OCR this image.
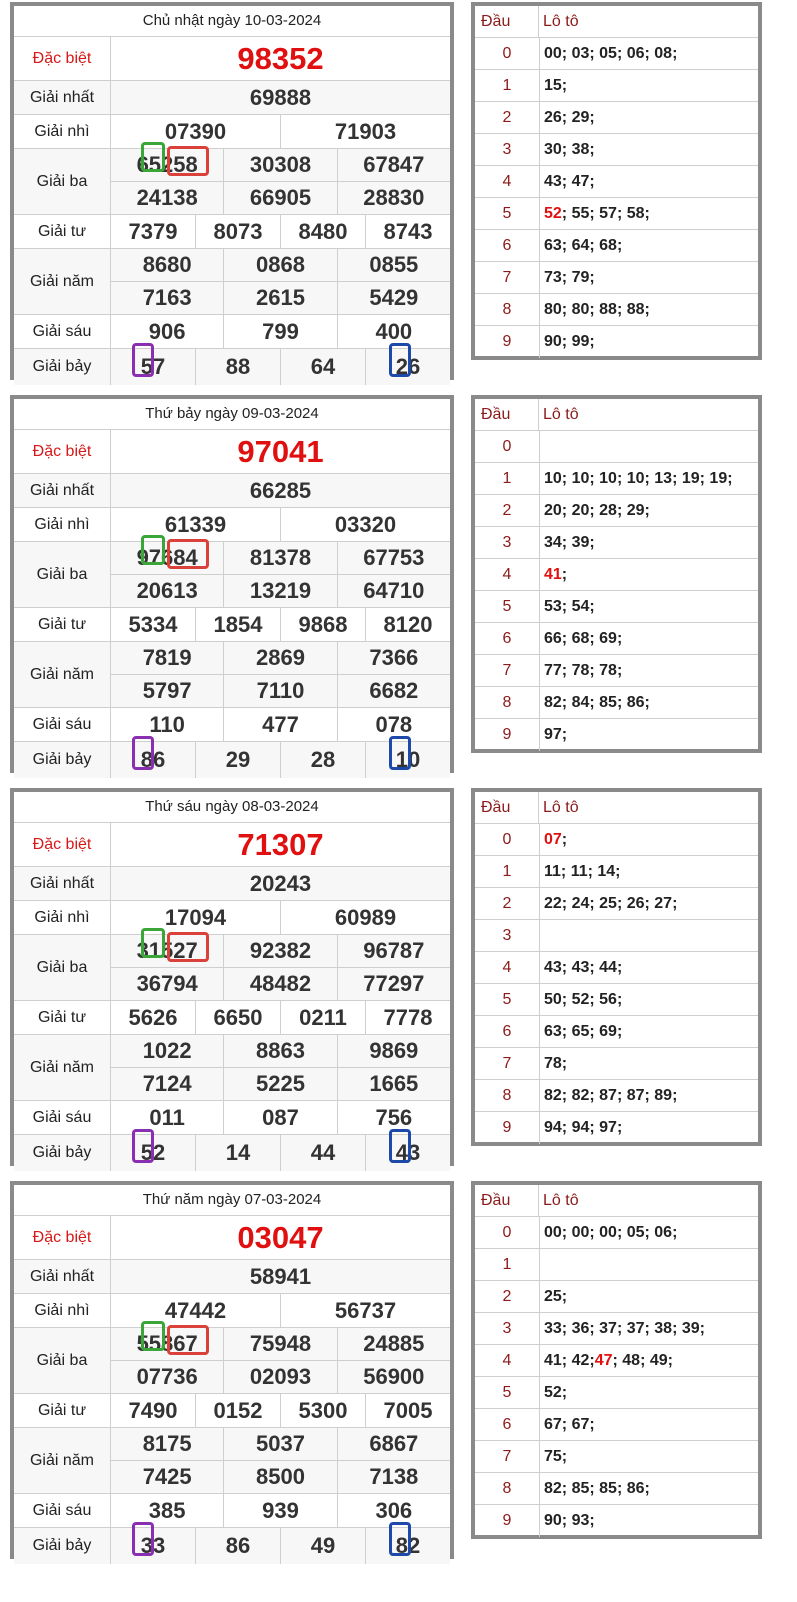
Chủ nhật ngày 10-03-2024
Đặc biệt	98352
Giải nhất	69888
Giải nhì	07390	71903
Giải ba
65258	30308	67847
24138	66905	28830
Giải tư	7379	8073	8480	8743
Giải năm
8680	0868	0855
7163	2615	5429
Giải sáu	906	799	400
Giải bảy	57	88	64	26
Đầu	Lô tô
0	00; 03; 05; 06; 08;
1	15;
2	26; 29;
3	30; 38;
4	43; 47;
5	52 ; 55; 57; 58;
6	63; 64; 68;
7	73; 79;
8	80; 80; 88; 88;
9	90; 99;
Thứ bảy ngày 09-03-2024
Đặc biệt	97041
Giải nhất	66285
Giải nhì	61339	03320
Giải ba
97684	81378	67753
20613	13219	64710
Giải tư	5334	1854	9868	8120
Giải năm
7819	2869	7366
5797	7110	6682
Giải sáu	110	477	078
Giải bảy	86	29	28	10
Đầu	Lô tô
0
1	10; 10; 10; 10; 13; 19; 19;
2	20; 20; 28; 29;
3	34; 39;
4	41 ;
5	53; 54;
6	66; 68; 69;
7	77; 78; 78;
8	82; 84; 85; 86;
9	97;
Thứ sáu ngày 08-03-2024
Đặc biệt	71307
Giải nhất	20243
Giải nhì	17094	60989
Giải ba
31527	92382	96787
36794	48482	77297
Giải tư	5626	6650	0211	7778
Giải năm
1022	8863	9869
7124	5225	1665
Giải sáu	011	087	756
Giải bảy	52	14	44	43
Đầu	Lô tô
0	07 ;
1	11; 11; 14;
2	22; 24; 25; 26; 27;
3
4	43; 43; 44;
5	50; 52; 56;
6	63; 65; 69;
7	78;
8	82; 82; 87; 87; 89;
9	94; 94; 97;
Thứ năm ngày 07-03-2024
Đặc biệt	03047
Giải nhất	58941
Giải nhì	47442	56737
Giải ba
55867	75948	24885
07736	02093	56900
Giải tư	7490	0152	5300	7005
Giải năm
8175	5037	6867
7425	8500	7138
Giải sáu	385	939	306
Giải bảy	33	86	49	82
Đầu	Lô tô
0	00; 00; 00; 05; 06;
1
2	25;
3	33; 36; 37; 37; 38; 39;
4	41; 42; 47 ; 48; 49;
5	52;
6	67; 67;
7	75;
8	82; 85; 85; 86;
9	90; 93;
